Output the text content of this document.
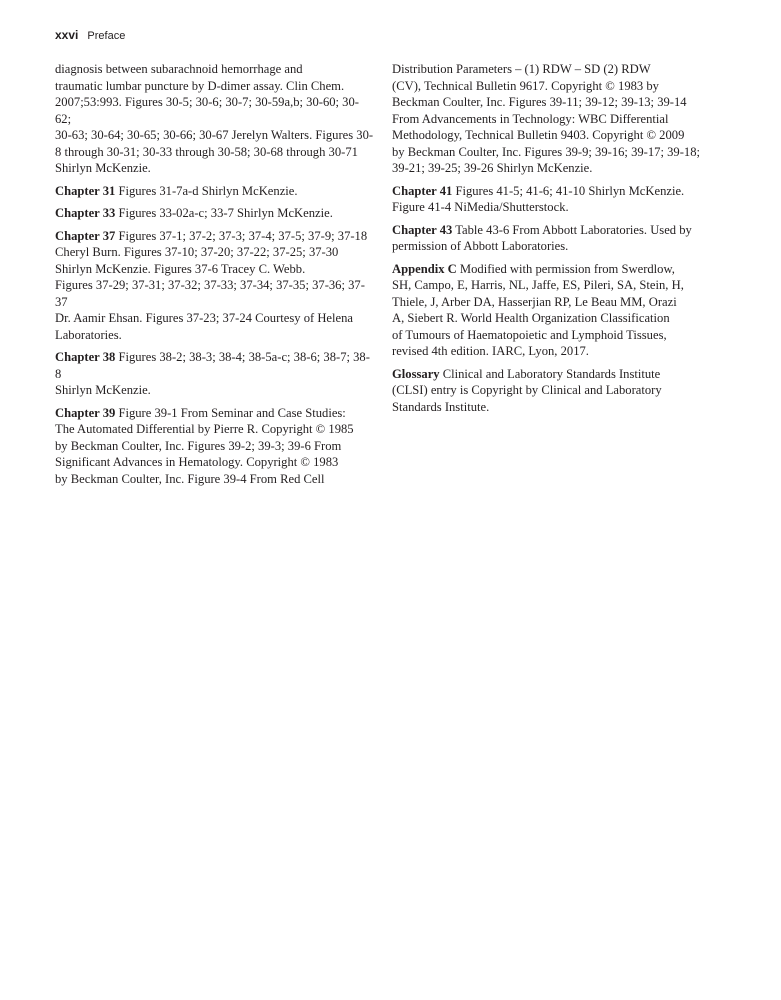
xxvi Preface

diagnosis between subarachnoid hemorrhage and
traumatic lumbar puncture by D-dimer assay. Clin Chem.
2007;53:993. Figures 30-5; 30-6; 30-7; 30-59a,b; 30-60; 30-62;
30-63; 30-64; 30-65; 30-66; 30-67 Jerelyn Walters. Figures 30-
8 through 30-31; 30-33 through 30-58; 30-68 through 30-71
Shirlyn McKenzie.

Chapter 31 Figures 31-7a-d Shirlyn McKenzie.

Chapter 33 Figures 33-02a-c; 33-7 Shirlyn McKenzie.

Chapter 37 Figures 37-1; 37-2; 37-3; 37-4; 37-5; 37-9; 37-18
Cheryl Burn. Figures 37-10; 37-20; 37-22; 37-25; 37-30
Shirlyn McKenzie. Figures 37-6 Tracey C. Webb.
Figures 37-29; 37-31; 37-32; 37-33; 37-34; 37-35; 37-36; 37-37
Dr. Aamir Ehsan. Figures 37-23; 37-24 Courtesy of Helena
Laboratories.

Chapter 38 Figures 38-2; 38-3; 38-4; 38-5a-c; 38-6; 38-7; 38-8
Shirlyn McKenzie.

Chapter 39 Figure 39-1 From Seminar and Case Studies:
The Automated Differential by Pierre R. Copyright © 1985
by Beckman Coulter, Inc. Figures 39-2; 39-3; 39-6 From
Significant Advances in Hematology. Copyright © 1983
by Beckman Coulter, Inc. Figure 39-4 From Red Cell

Distribution Parameters – (1) RDW – SD (2) RDW
(CV), Technical Bulletin 9617. Copyright © 1983 by
Beckman Coulter, Inc. Figures 39-11; 39-12; 39-13; 39-14
From Advancements in Technology: WBC Differential
Methodology, Technical Bulletin 9403. Copyright © 2009
by Beckman Coulter, Inc. Figures 39-9; 39-16; 39-17; 39-18;
39-21; 39-25; 39-26 Shirlyn McKenzie.

Chapter 41 Figures 41-5; 41-6; 41-10 Shirlyn McKenzie.
Figure 41-4 NiMedia/Shutterstock.

Chapter 43 Table 43-6 From Abbott Laboratories. Used by
permission of Abbott Laboratories.

Appendix C Modified with permission from Swerdlow,
SH, Campo, E, Harris, NL, Jaffe, ES, Pileri, SA, Stein, H,
Thiele, J, Arber DA, Hasserjian RP, Le Beau MM, Orazi
A, Siebert R. World Health Organization Classification
of Tumours of Haematopoietic and Lymphoid Tissues,
revised 4th edition. IARC, Lyon, 2017.

Glossary Clinical and Laboratory Standards Institute
(CLSI) entry is Copyright by Clinical and Laboratory
Standards Institute.
